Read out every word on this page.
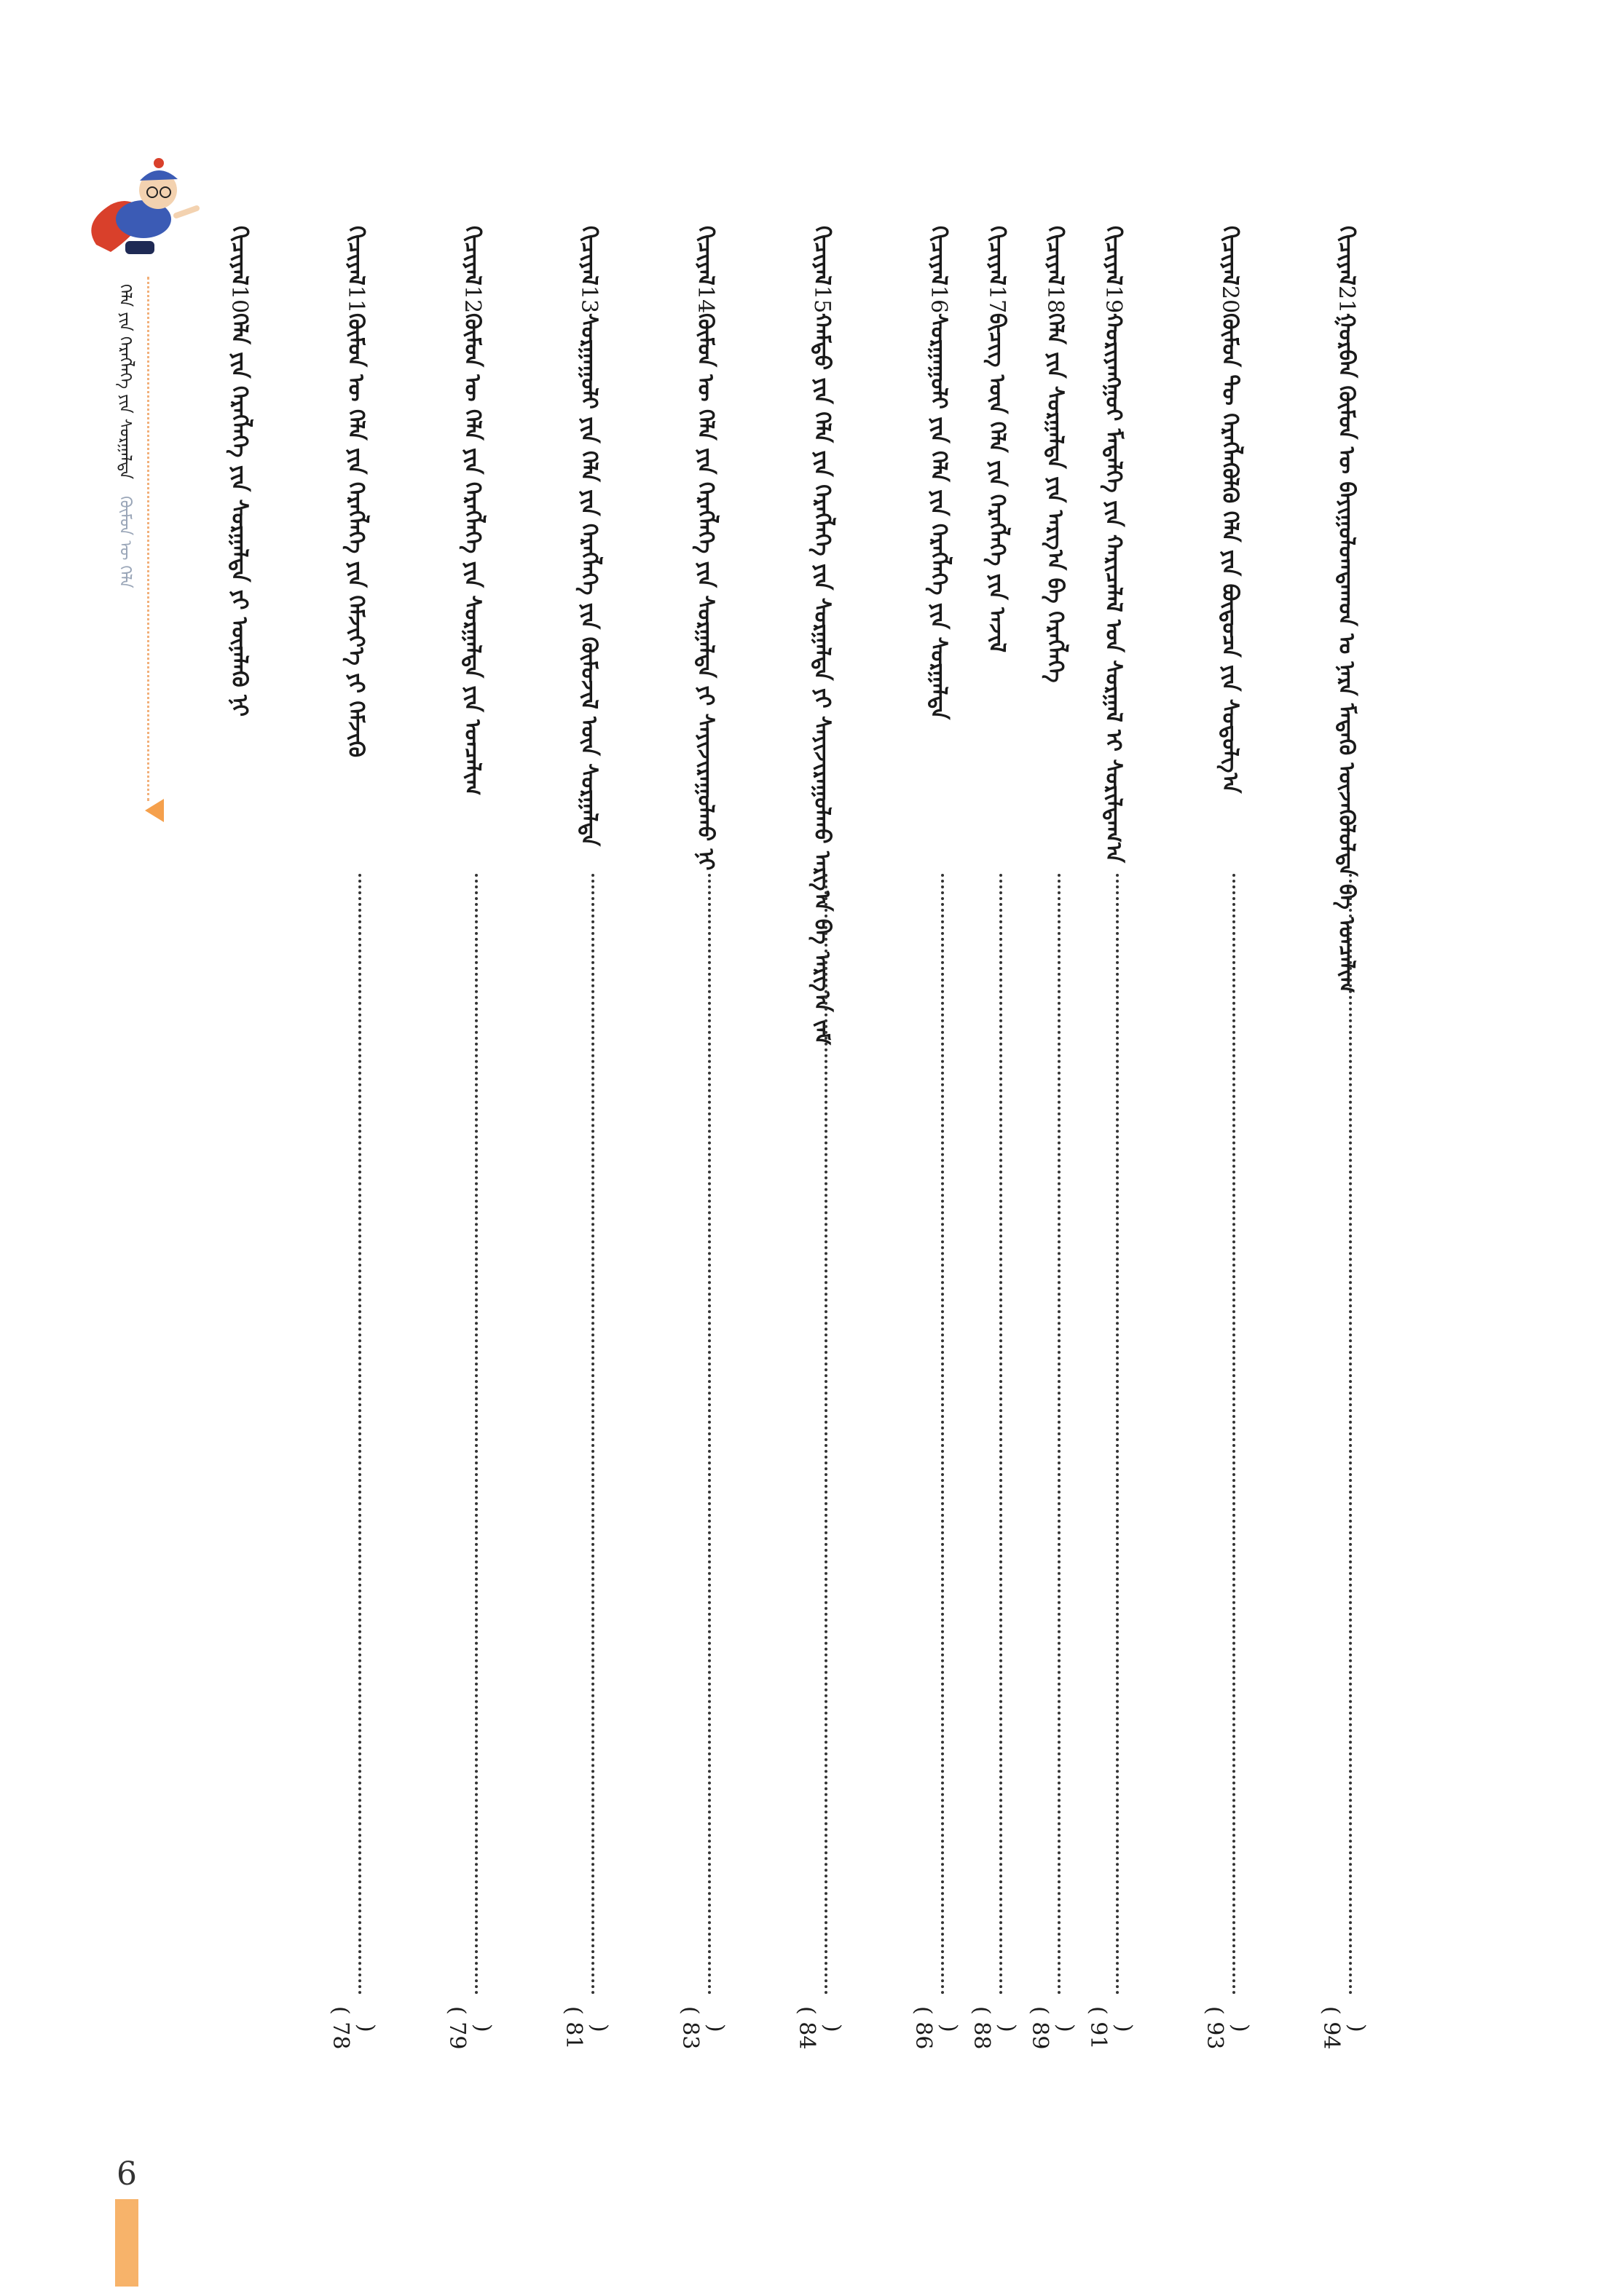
ᠬᠡᠯᠡ ᠶᠢᠨ ᠬᠡᠷᠡᠭᠯᠡᠭᠡ ᠶᠢᠨ ᠰᠤᠷᠭᠠᠯᠲᠠ ᠬᠦᠮᠦᠨ ᠦ ᠬᠡᠯᠡ
ᠬᠢᠴᠢᠶᠡᠯ21ᠭᠤᠷᠪᠠᠨ ᠬᠦᠮᠦᠨ ᠦ ᠪᠠᠶᠢᠭᠤᠯᠤᠭᠳᠠᠬᠤᠨ ᠤ ᠨᠡᠷᠡ ᠮᠡᠳᠡᠬᠦ ᠦᠵᠡᠭᠦᠯᠦᠯᠲᠡ ᠪᠠ ᠣᠨᠴᠠᠯᠢᠭ
( 94 )
ᠬᠢᠴᠢᠶᠡᠯ20ᠬᠦᠮᠦᠨ ᠲᠦ ᠬᠡᠷᠡᠭᠯᠡᠭᠦᠯᠬᠦ ᠬᠡᠯᠡ ᠶᠢᠨ ᠪᠦᠲᠦᠴᠡ ᠶᠢᠨ ᠰᠤᠳᠤᠯᠭ᠎ᠠ
( 93 )
ᠬᠢᠴᠢᠶᠡᠯ19ᠬᠤᠷᠢᠶᠠᠩᠭᠤᠢ ᠮᠡᠳᠡᠯᠭᠡ ᠶᠢᠨ ᠬᠠᠷᠢᠴᠠᠯᠠᠯ ᠤᠨ ᠰᠤᠷᠭᠠᠯ ᠢ ᠰᠤᠷᠢᠯᠳᠠᠭ᠎ᠠ
( 91 )
ᠬᠢᠴᠢᠶᠡᠯ18ᠬᠡᠯᠡ ᠶᠢᠨ ᠰᠤᠷᠭᠠᠯᠲᠠ ᠶᠢᠨ ᠠᠷᠭ᠎ᠠ ᠪᠠ ᠬᠡᠷᠡᠭᠯᠡᠭᠡ
( 89 )
ᠬᠢᠴᠢᠶᠡᠯ17ᠪᠢᠴᠢᠭ᠌ ᠦᠨ ᠬᠡᠯᠡ ᠶᠢᠨ ᠬᠡᠷᠡᠭᠯᠡᠭᠡ ᠶᠢᠨ ᠠᠵᠢᠯ
( 88 )
ᠬᠢᠴᠢᠶᠡᠯ16ᠰᠤᠷᠭᠠᠭᠤᠯᠢ ᠶᠢᠨ ᠬᠡᠯᠡ ᠶᠢᠨ ᠬᠡᠷᠡᠭᠯᠡᠭᠡ ᠶᠢᠨ ᠰᠤᠷᠭᠠᠯᠲᠠ
( 86 )
ᠬᠢᠴᠢᠶᠡᠯ15ᠬᠠᠮᠲᠤ ᠶᠢᠨ ᠬᠡᠯᠡ ᠶᠢᠨ ᠬᠡᠷᠡᠭᠯᠡᠭᠡ ᠶᠢᠨ ᠰᠤᠷᠭᠠᠯᠲᠠ ᠶᠢ ᠰᠠᠶᠢᠵᠢᠷᠠᠭᠤᠯᠬᠤ ᠠᠷᠭ᠎ᠠ ᠪᠠ ᠠᠷᠭ᠎ᠠ ᠵᠠᠮ
( 84 )
ᠬᠢᠴᠢᠶᠡᠯ14ᠬᠦᠮᠦᠨ ᠦ ᠬᠡᠯᠡ ᠶᠢᠨ ᠬᠡᠷᠡᠭᠯᠡᠭᠡ ᠶᠢᠨ ᠰᠤᠷᠭᠠᠯᠲᠠ ᠶᠢ ᠰᠠᠶᠢᠵᠢᠷᠠᠭᠤᠯᠬᠤ ᠨᠢ
( 83 )
ᠬᠢᠴᠢᠶᠡᠯ13ᠰᠤᠷᠭᠠᠭᠤᠯᠢ ᠶᠢᠨ ᠬᠡᠯᠡ ᠶᠢᠨ ᠬᠡᠷᠡᠭᠯᠡᠭᠡ ᠶᠢᠨ ᠬᠦᠮᠦᠵᠢᠯ ᠦᠨ ᠰᠤᠷᠭᠠᠯᠲᠠ
( 81 )
ᠬᠢᠴᠢᠶᠡᠯ12ᠬᠦᠮᠦᠨ ᠦ ᠬᠡᠯᠡ ᠶᠢᠨ ᠬᠡᠷᠡᠭᠯᠡᠭᠡ ᠶᠢᠨ ᠰᠤᠷᠭᠠᠯᠲᠠ ᠶᠢᠨ ᠣᠨᠴᠠᠯᠢᠭ
( 79 )
ᠬᠢᠴᠢᠶᠡᠯ11ᠬᠦᠮᠦᠨ ᠦ ᠬᠡᠯᠡ ᠶᠢᠨ ᠬᠡᠷᠡᠭᠯᠡᠭᠡ ᠶᠢᠨ ᠬᠡᠮᠵᠢᠶ᠎ᠡ ᠶᠢ ᠬᠡᠮᠵᠢᠬᠦ
( 78 )
ᠬᠢᠴᠢᠶᠡᠯ10ᠬᠡᠯᠡ ᠶᠢᠨ ᠬᠡᠷᠡᠭᠯᠡᠭᠡ ᠶᠢᠨ ᠰᠤᠷᠭᠠᠯᠲᠠ ᠶᠢ ᠦᠨᠡᠯᠡᠬᠦ ᠨᠢ
6
